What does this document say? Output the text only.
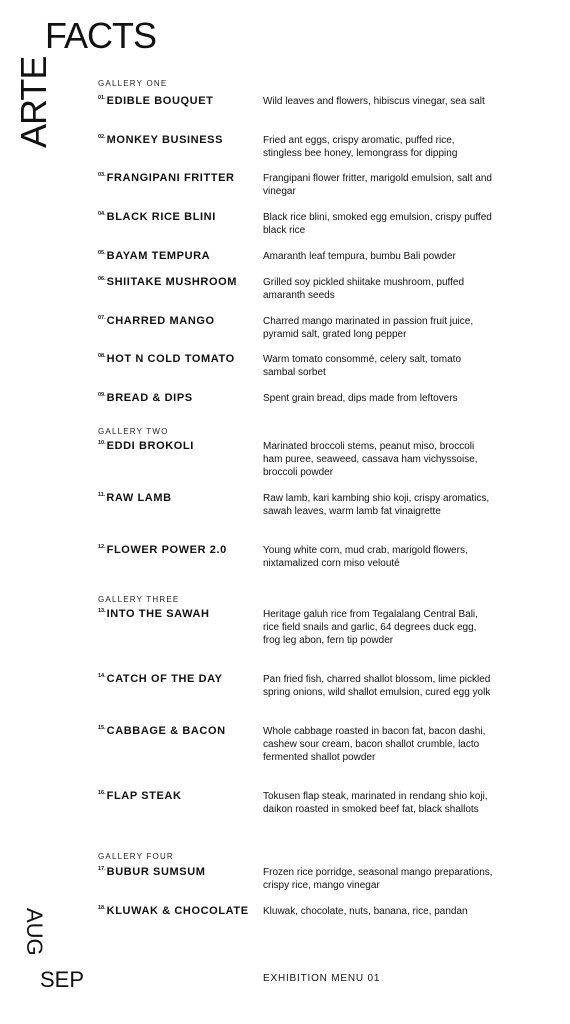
ARTE
FACTS
AUG
SEP
GALLERY ONE
$^{01.}$EDIBLE BOUQUET	Wild leaves and flowers, hibiscus vinegar, sea salt
$^{02.}$MONKEY BUSINESS	Fried ant eggs, crispy aromatic, puffed rice, stingless bee honey, lemongrass for dipping
$^{03.}$FRANGIPANI FRITTER	Frangipani flower fritter, marigold emulsion, salt and vinegar
$^{04.}$BLACK RICE BLINI	Black rice blini, smoked egg emulsion, crispy puffed black rice
$^{05.}$BAYAM TEMPURA	Amaranth leaf tempura, bumbu Bali powder
$^{06.}$SHIITAKE MUSHROOM	Grilled soy pickled shiitake mushroom, puffed amaranth seeds
$^{07.}$CHARRED MANGO	Charred mango marinated in passion fruit juice, pyramid salt, grated long pepper
$^{08.}$HOT N COLD TOMATO	Warm tomato consommé, celery salt, tomato sambal sorbet
$^{09.}$BREAD & DIPS	Spent grain bread, dips made from leftovers
GALLERY TWO
$^{10.}$EDDI BROKOLI	Marinated broccoli stems, peanut miso, broccoli ham puree, seaweed, cassava ham vichyssoise, broccoli powder
$^{11.}$RAW LAMB	Raw lamb, kari kambing shio koji, crispy aromatics, sawah leaves, warm lamb fat vinaigrette
$^{12.}$FLOWER POWER 2.0	Young white corn, mud crab, marigold flowers, nixtamalized corn miso velouté
GALLERY THREE
$^{13.}$INTO THE SAWAH	Heritage galuh rice from Tegalalang Central Bali, rice field snails and garlic, 64 degrees duck egg, frog leg abon, fern tip powder
$^{14.}$CATCH OF THE DAY	Pan fried fish, charred shallot blossom, lime pickled spring onions, wild shallot emulsion, cured egg yolk
$^{15.}$CABBAGE & BACON	Whole cabbage roasted in bacon fat, bacon dashi, cashew sour cream, bacon shallot crumble, lacto fermented shallot powder
$^{16.}$FLAP STEAK	Tokusen flap steak, marinated in rendang shio koji, daikon roasted in smoked beef fat, black shallots
GALLERY FOUR
$^{17.}$BUBUR SUMSUM	Frozen rice porridge, seasonal mango preparations, crispy rice, mango vinegar
$^{18.}$KLUWAK & CHOCOLATE	Kluwak, chocolate, nuts, banana, rice, pandan
EXHIBITION MENU 01
